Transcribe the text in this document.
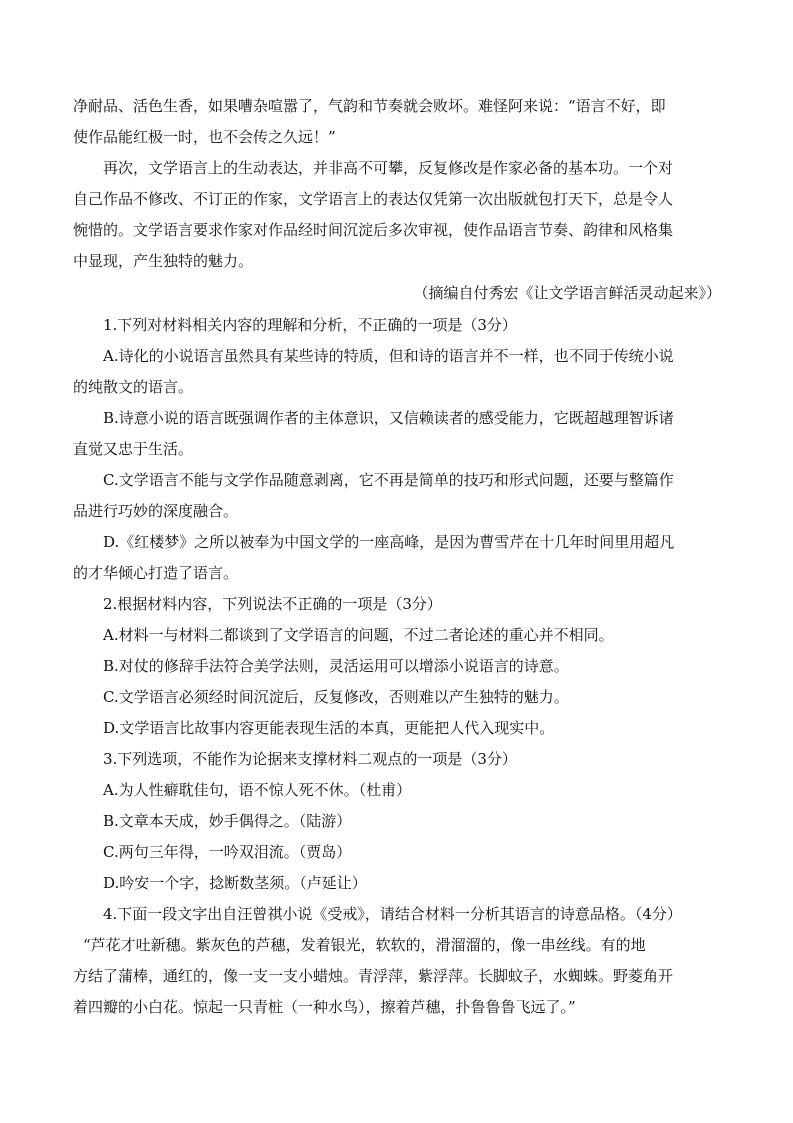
净耐品、活色生香，如果嘈杂喧嚣了，气韵和节奏就会败坏。难怪阿来说：“语言不好，即
使作品能红极一时，也不会传之久远！”
再次，文学语言上的生动表达，并非高不可攀，反复修改是作家必备的基本功。一个对
自己作品不修改、不订正的作家，文学语言上的表达仅凭第一次出版就包打天下，总是令人
惋惜的。文学语言要求作家对作品经时间沉淀后多次审视，使作品语言节奏、韵律和风格集
中显现，产生独特的魅力。
（摘编自付秀宏《让文学语言鲜活灵动起来》）
1.下列对材料相关内容的理解和分析，不正确的一项是（3分）
A.诗化的小说语言虽然具有某些诗的特质，但和诗的语言并不一样，也不同于传统小说
的纯散文的语言。
B.诗意小说的语言既强调作者的主体意识，又信赖读者的感受能力，它既超越理智诉诸
直觉又忠于生活。
C.文学语言不能与文学作品随意剥离，它不再是简单的技巧和形式问题，还要与整篇作
品进行巧妙的深度融合。
D.《红楼梦》之所以被奉为中国文学的一座高峰，是因为曹雪芹在十几年时间里用超凡
的才华倾心打造了语言。
2.根据材料内容，下列说法不正确的一项是（3分）
A.材料一与材料二都谈到了文学语言的问题，不过二者论述的重心并不相同。
B.对仗的修辞手法符合美学法则，灵活运用可以增添小说语言的诗意。
C.文学语言必须经时间沉淀后，反复修改，否则难以产生独特的魅力。
D.文学语言比故事内容更能表现生活的本真，更能把人代入现实中。
3.下列选项，不能作为论据来支撑材料二观点的一项是（3分）
A.为人性癖耽佳句，语不惊人死不休。（杜甫）
B.文章本天成，妙手偶得之。（陆游）
C.两句三年得，一吟双泪流。（贾岛）
D.吟安一个字，捻断数茎须。（卢延让）
4.下面一段文字出自汪曾祺小说《受戒》，请结合材料一分析其语言的诗意品格。（4分）
“芦花才吐新穗。紫灰色的芦穗，发着银光，软软的，滑溜溜的，像一串丝线。有的地
方结了蒲棒，通红的，像一支一支小蜡烛。青浮萍，紫浮萍。长脚蚊子，水蜘蛛。野菱角开
着四瓣的小白花。惊起一只青桩（一种水鸟），擦着芦穗，扑鲁鲁鲁飞远了。”
